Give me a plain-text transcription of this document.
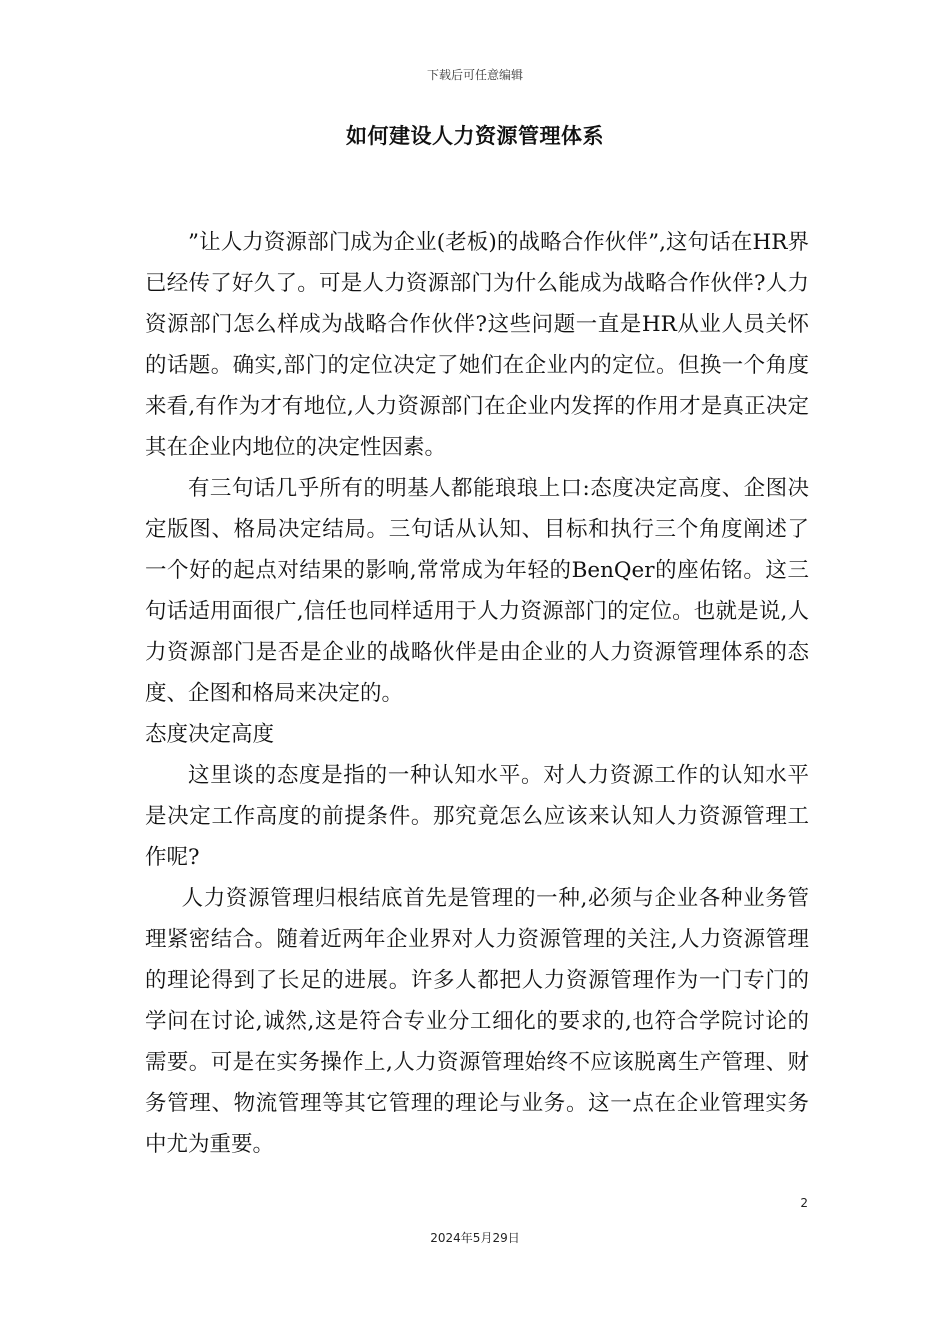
下载后可任意编辑
如何建设人力资源管理体系

”让人力资源部门成为企业(老板)的战略合作伙伴”,这句话在HR界已经传了好久了。可是人力资源部门为什么能成为战略合作伙伴?人力资源部门怎么样成为战略合作伙伴?这些问题一直是HR从业人员关怀的话题。确实,部门的定位决定了她们在企业内的定位。但换一个角度来看,有作为才有地位,人力资源部门在企业内发挥的作用才是真正决定其在企业内地位的决定性因素。

有三句话几乎所有的明基人都能琅琅上口:态度决定高度、企图决定版图、格局决定结局。三句话从认知、目标和执行三个角度阐述了一个好的起点对结果的影响,常常成为年轻的BenQer的座佑铭。这三句话适用面很广,信任也同样适用于人力资源部门的定位。也就是说,人力资源部门是否是企业的战略伙伴是由企业的人力资源管理体系的态度、企图和格局来决定的。

态度决定高度

这里谈的态度是指的一种认知水平。对人力资源工作的认知水平是决定工作高度的前提条件。那究竟怎么应该来认知人力资源管理工作呢?

人力资源管理归根结底首先是管理的一种,必须与企业各种业务管理紧密结合。随着近两年企业界对人力资源管理的关注,人力资源管理的理论得到了长足的进展。许多人都把人力资源管理作为一门专门的学问在讨论,诚然,这是符合专业分工细化的要求的,也符合学院讨论的需要。可是在实务操作上,人力资源管理始终不应该脱离生产管理、财务管理、物流管理等其它管理的理论与业务。这一点在企业管理实务中尤为重要。

2
2024年5月29日
